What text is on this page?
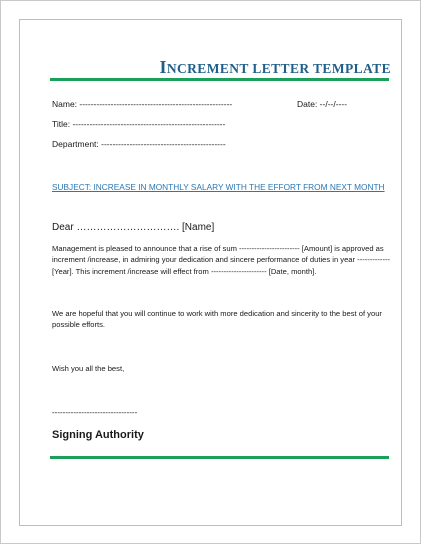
INCREMENT LETTER TEMPLATE
Name: ------------------------------------------------------	Date: --/--/----
Title: ------------------------------------------------------
Department: --------------------------------------------
SUBJECT: INCREASE IN MONTHLY SALARY WITH THE EFFORT FROM NEXT MONTH
Dear …………………………. [Name]
Management is pleased to announce that a rise of sum ------------------------ [Amount] is approved as increment /increase, in admiring your dedication and sincere performance of duties in year ------------- [Year]. This increment /increase will effect from ---------------------- [Date, month].
We are hopeful that you will continue to work with more dedication and sincerity to the best of your possible efforts.
Wish you all the best,
--------------------------------
Signing Authority
